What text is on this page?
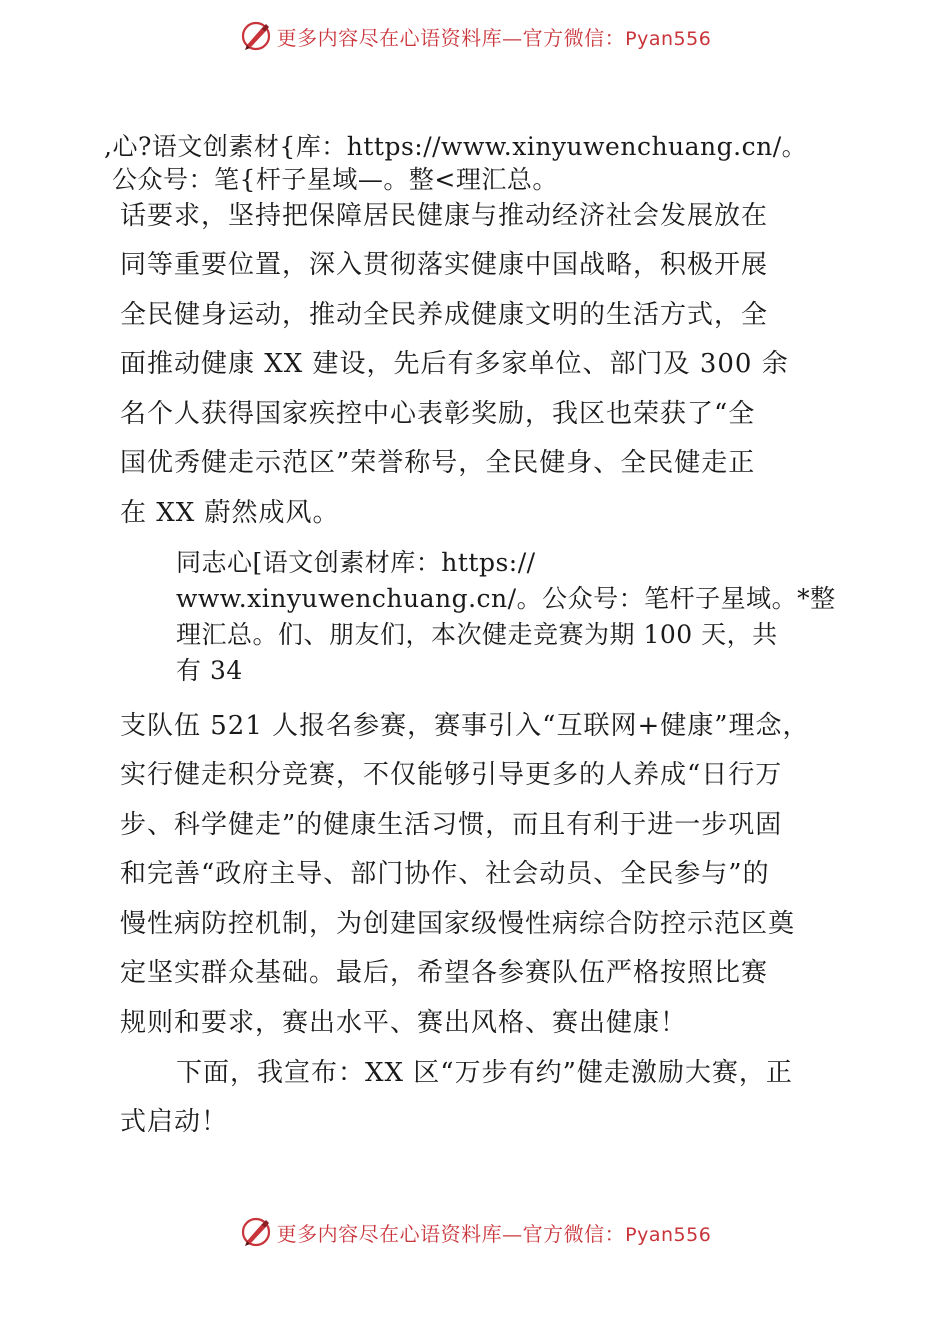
更多内容尽在心语资料库—官方微信：Pyan556
,心?语文创素材{库：https://www.xinyuwenchuang.cn/。
公众号：笔{杆子星域—。整<理汇总。
话要求，坚持把保障居民健康与推动经济社会发展放在
同等重要位置，深入贯彻落实健康中国战略，积极开展
全民健身运动，推动全民养成健康文明的生活方式，全
面推动健康 XX 建设，先后有多家单位、部门及 300 余
名个人获得国家疾控中心表彰奖励，我区也荣获了“全
国优秀健走示范区”荣誉称号，全民健身、全民健走正
在 XX 蔚然成风。
同志心[语文创素材库：https://
www.xinyuwenchuang.cn/。公众号：笔杆子星域。*整
理汇总。们、朋友们，本次健走竞赛为期 100 天，共
有 34
支队伍 521 人报名参赛，赛事引入“互联网+健康”理念，
实行健走积分竞赛，不仅能够引导更多的人养成“日行万
步、科学健走”的健康生活习惯，而且有利于进一步巩固
和完善“政府主导、部门协作、社会动员、全民参与”的
慢性病防控机制，为创建国家级慢性病综合防控示范区奠
定坚实群众基础。最后，希望各参赛队伍严格按照比赛
规则和要求，赛出水平、赛出风格、赛出健康！
下面，我宣布：XX 区“万步有约”健走激励大赛，正
式启动！
更多内容尽在心语资料库—官方微信：Pyan556
